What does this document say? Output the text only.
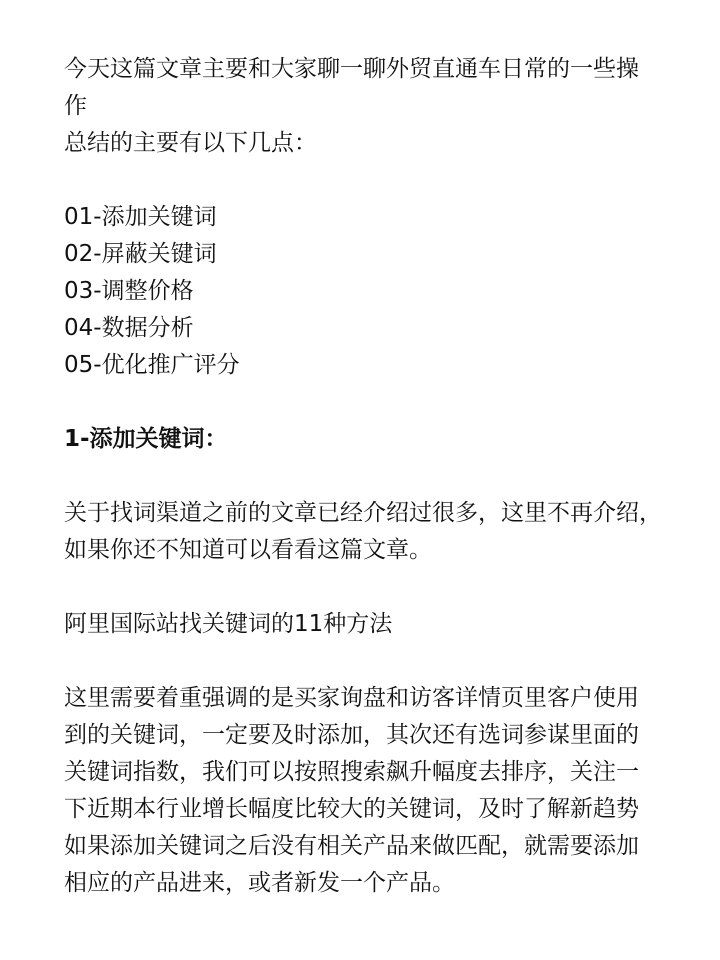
今天这篇文章主要和大家聊一聊外贸直通车日常的一些操
作
总结的主要有以下几点：

01-添加关键词
02-屏蔽关键词
03-调整价格
04-数据分析
05-优化推广评分

1-添加关键词：

关于找词渠道之前的文章已经介绍过很多，这里不再介绍，
如果你还不知道可以看看这篇文章。

阿里国际站找关键词的11种方法

这里需要着重强调的是买家询盘和访客详情页里客户使用
到的关键词，一定要及时添加，其次还有选词参谋里面的
关键词指数，我们可以按照搜索飙升幅度去排序，关注一
下近期本行业增长幅度比较大的关键词，及时了解新趋势
如果添加关键词之后没有相关产品来做匹配，就需要添加
相应的产品进来，或者新发一个产品。
